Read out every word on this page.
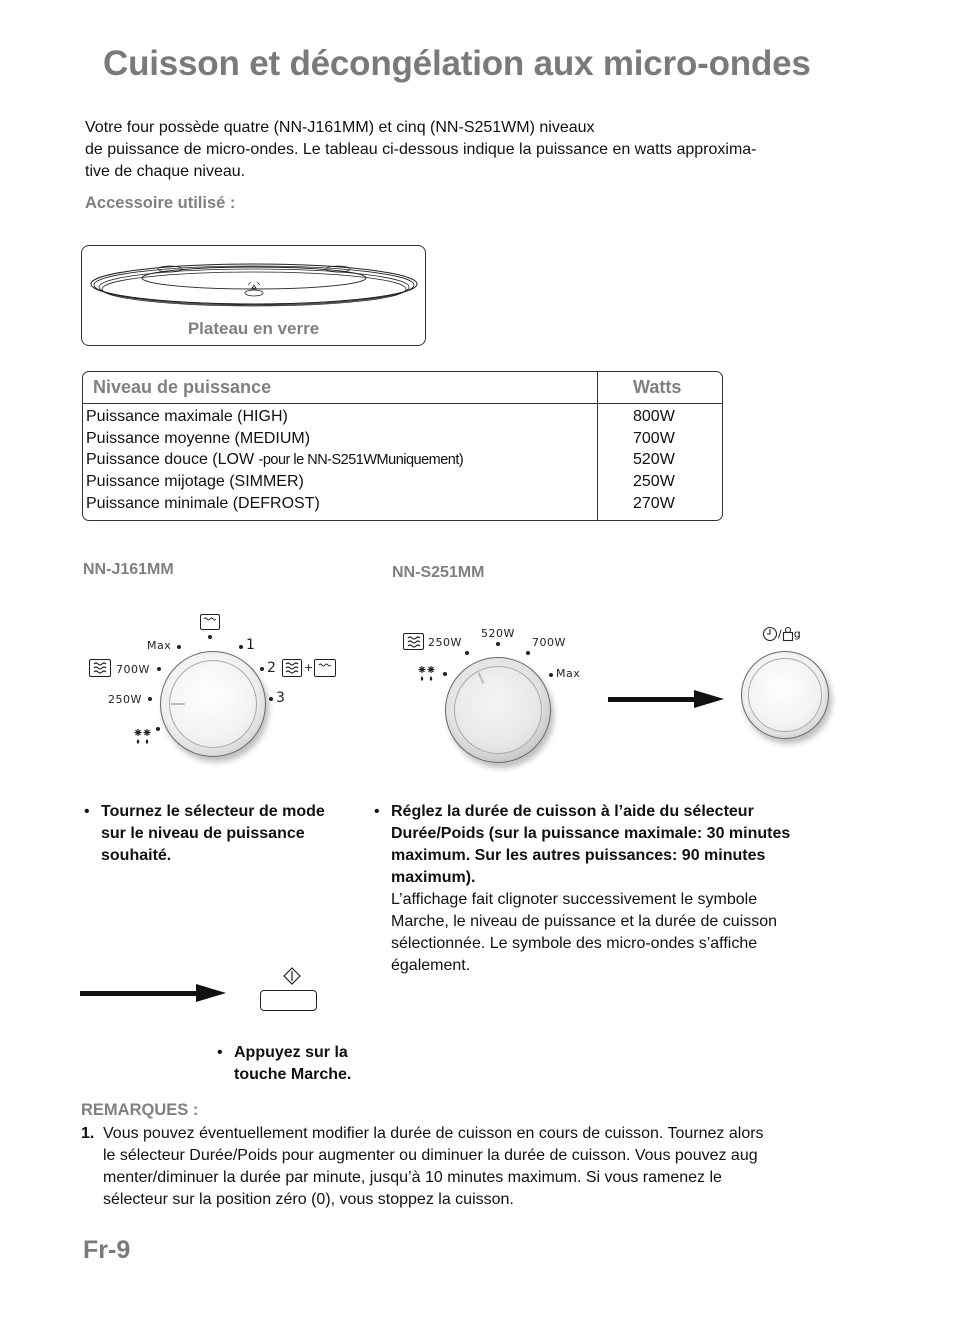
Cuisson et décongélation aux micro-ondes
Votre four possède quatre (NN-J161MM) et cinq (NN-S251WM) niveaux
de puissance de micro-ondes. Le tableau ci-dessous indique la puissance en watts approxima-
tive de chaque niveau.
Accessoire utilisé :
Plateau en verre
Niveau de puissance	Watts
Puissance maximale (HIGH)	800W
Puissance moyenne (MEDIUM)	700W
Puissance douce (LOW -pour le NN-S251WMuniquement)	520W
Puissance mijotage (SIMMER)	250W
Puissance minimale (DEFROST)	270W
NN-J161MM
Max	1
700W	2	+
250W	3
NN-S251MM
250W
520W
700W
Max
/ g
• Tournez le sélecteur de mode
sur le niveau de puissance
souhaité.
• Réglez la durée de cuisson à l’aide du sélecteur
Durée/Poids (sur la puissance maximale: 30 minutes
maximum. Sur les autres puissances: 90 minutes
maximum).
L’affichage fait clignoter successivement le symbole
Marche, le niveau de puissance et la durée de cuisson
sélectionnée. Le symbole des micro-ondes s’affiche
également.
• Appuyez sur la
touche Marche.
REMARQUES :
1. Vous pouvez éventuellement modifier la durée de cuisson en cours de cuisson. Tournez alors
le sélecteur Durée/Poids pour augmenter ou diminuer la durée de cuisson. Vous pouvez aug
menter/diminuer la durée par minute, jusqu’à 10 minutes maximum. Si vous ramenez le
sélecteur sur la position zéro (0), vous stoppez la cuisson.
Fr-9
